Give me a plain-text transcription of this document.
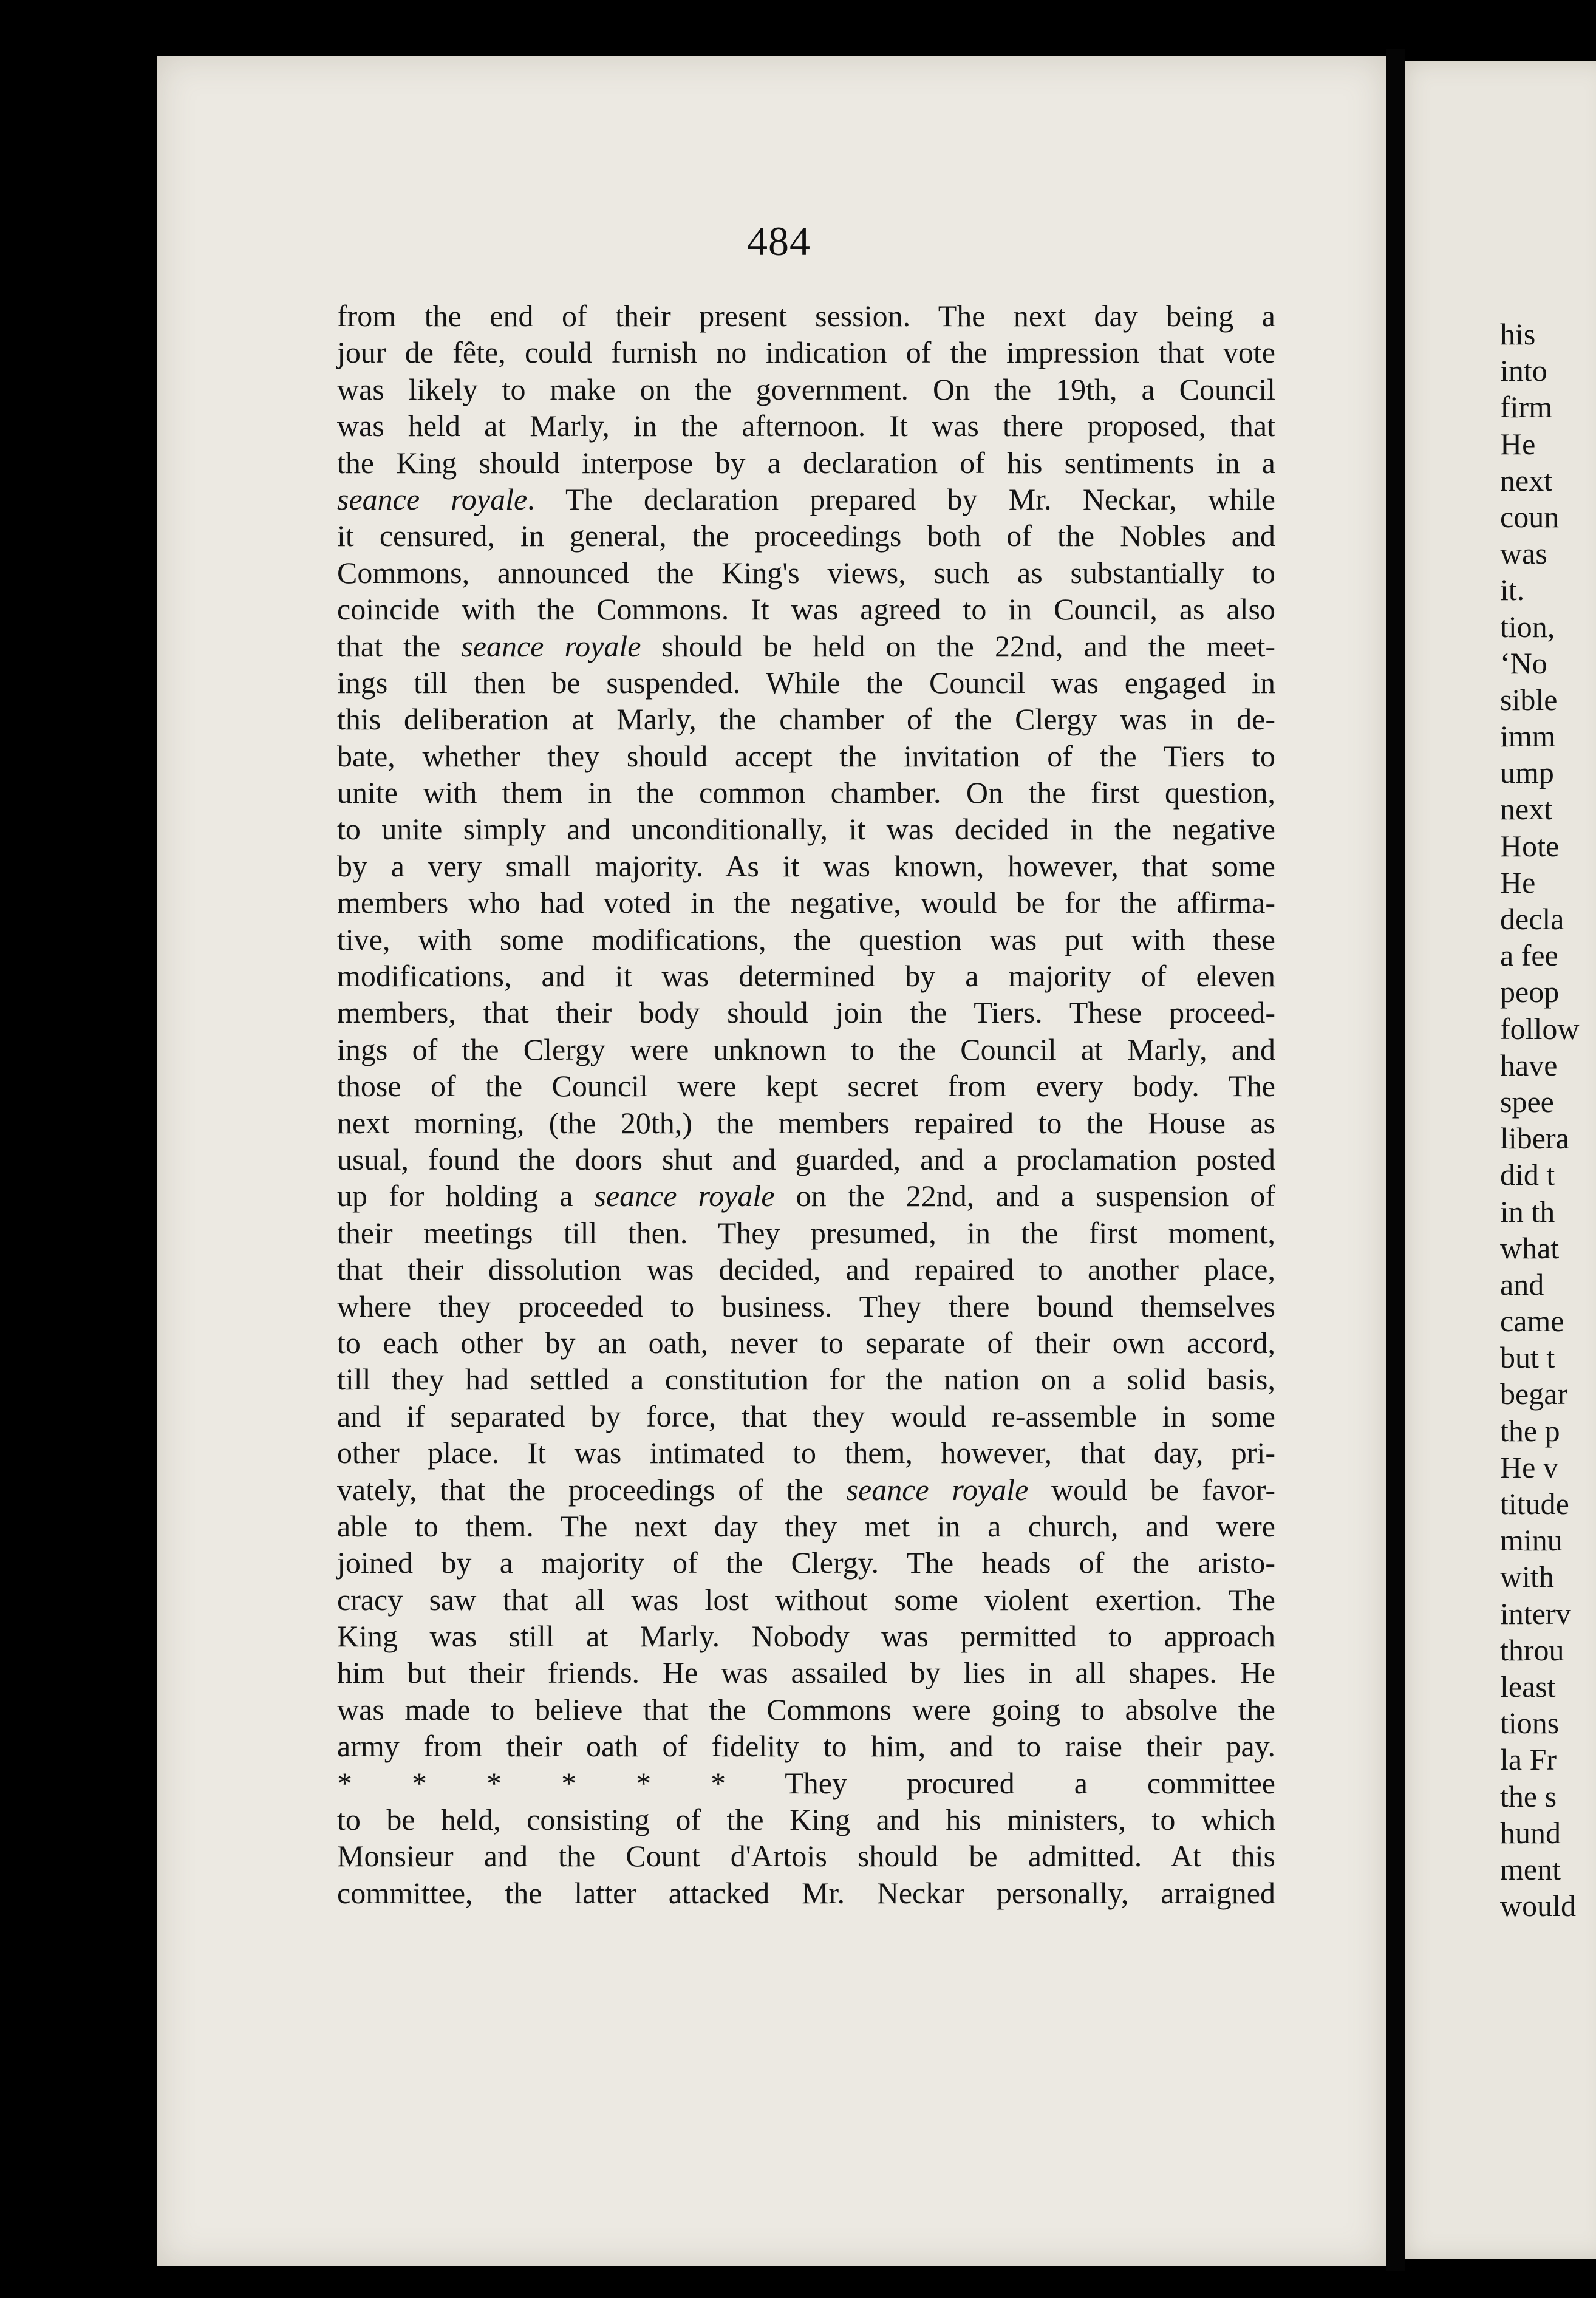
484
from the end of their present session. The next day being a
jour de fête, could furnish no indication of the impression that vote
was likely to make on the government. On the 19th, a Council
was held at Marly, in the afternoon. It was there proposed, that
the King should interpose by a declaration of his sentiments in a
seance royale. The declaration prepared by Mr. Neckar, while
it censured, in general, the proceedings both of the Nobles and
Commons, announced the King's views, such as substantially to
coincide with the Commons. It was agreed to in Council, as also
that the seance royale should be held on the 22nd, and the meet-
ings till then be suspended. While the Council was engaged in
this deliberation at Marly, the chamber of the Clergy was in de-
bate, whether they should accept the invitation of the Tiers to
unite with them in the common chamber. On the first question,
to unite simply and unconditionally, it was decided in the negative
by a very small majority. As it was known, however, that some
members who had voted in the negative, would be for the affirma-
tive, with some modifications, the question was put with these
modifications, and it was determined by a majority of eleven
members, that their body should join the Tiers. These proceed-
ings of the Clergy were unknown to the Council at Marly, and
those of the Council were kept secret from every body. The
next morning, (the 20th,) the members repaired to the House as
usual, found the doors shut and guarded, and a proclamation posted
up for holding a seance royale on the 22nd, and a suspension of
their meetings till then. They presumed, in the first moment,
that their dissolution was decided, and repaired to another place,
where they proceeded to business. They there bound themselves
to each other by an oath, never to separate of their own accord,
till they had settled a constitution for the nation on a solid basis,
and if separated by force, that they would re-assemble in some
other place. It was intimated to them, however, that day, pri-
vately, that the proceedings of the seance royale would be favor-
able to them. The next day they met in a church, and were
joined by a majority of the Clergy. The heads of the aristo-
cracy saw that all was lost without some violent exertion. The
King was still at Marly. Nobody was permitted to approach
him but their friends. He was assailed by lies in all shapes. He
was made to believe that the Commons were going to absolve the
army from their oath of fidelity to him, and to raise their pay.
* * * * * * They procured a committee
to be held, consisting of the King and his ministers, to which
Monsieur and the Count d'Artois should be admitted. At this
committee, the latter attacked Mr. Neckar personally, arraigned
his
into
firm
He
next
coun
was
it.
tion,
‘No
sible
imm
ump
next
Hote
He
decla
a fee
peop
follow
have
spee
libera
did t
in th
what
and
came
but t
begar
the p
He v
titude
minu
with
interv
throu
least
tions
la Fr
the s
hund
ment
would
